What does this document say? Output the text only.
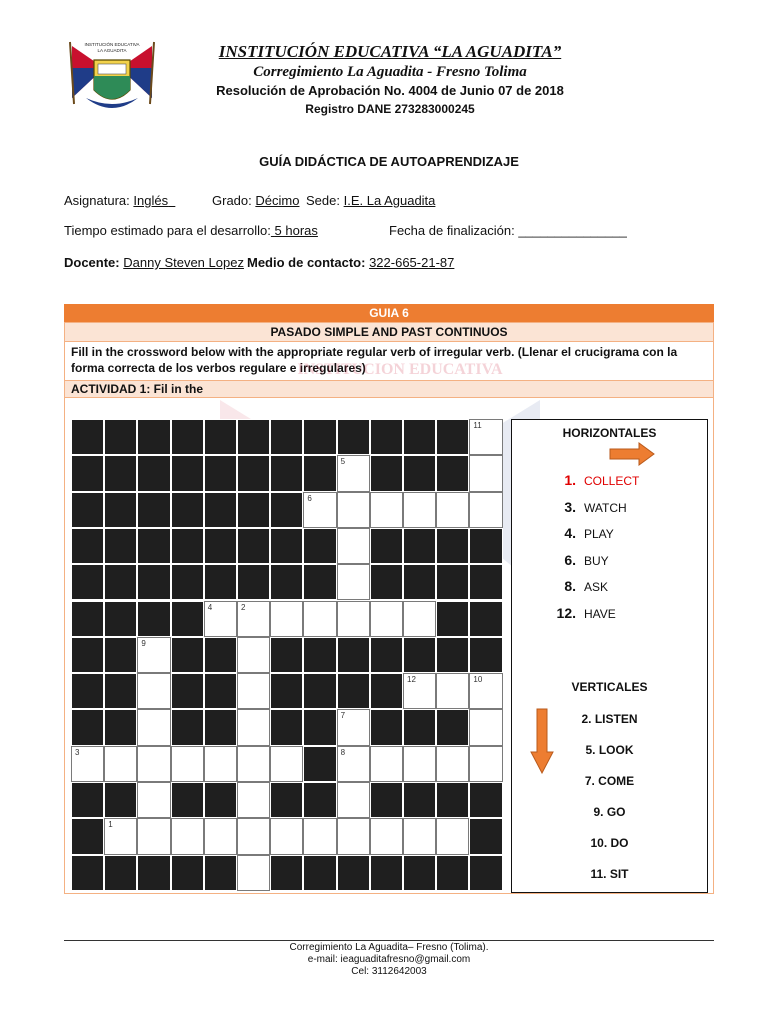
INSTITUCIÓN EDUCATIVA
LA AGUADITA	INSTITUCIÓN EDUCATIVA “LA AGUADITA”
Corregimiento La Aguadita - Fresno Tolima
Resolución de Aprobación No. 4004 de Junio 07 de 2018
Registro DANE 273283000245
GUÍA DIDÁCTICA DE AUTOAPRENDIZAJE
Asignatura: Inglés	Grado: Décimo Sede: I.E. La Aguadita
Tiempo estimado para el desarrollo: 5 horas	Fecha de finalización: _______________
Docente: Danny Steven Lopez Medio de contacto: 322-665-21-87
GUIA 6
PASADO SIMPLE AND PAST CONTINUOS
Fill in the crossword below with the appropriate regular verb of irregular verb. (Llenar el crucigrama con la forma correcta de los verbos regulare e irregulares)
ACTIVIDAD 1: Fil in the
INSTITUCION EDUCATIVA
11
5
6
4	2
9
12	10
7
3	8
1
HORIZONTALES
1. COLLECT
3. WATCH
4. PLAY
6. BUY
8. ASK
12. HAVE
VERTICALES
2. LISTEN
5. LOOK
7. COME
9. GO
10. DO
11. SIT
Corregimiento La Aguadita– Fresno (Tolima).
e-mail: ieaguaditafresno@gmail.com
Cel: 3112642003
